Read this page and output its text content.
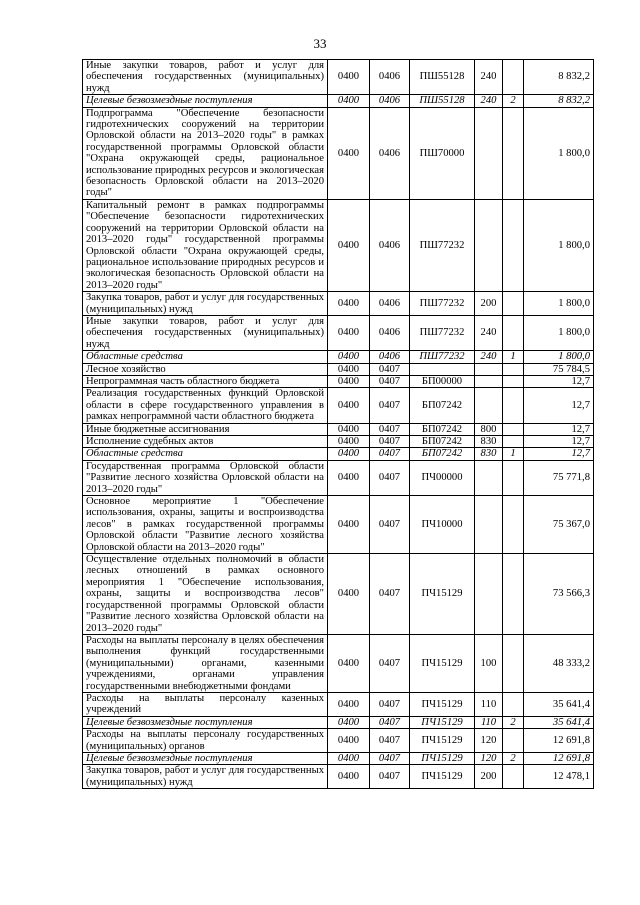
33
Иные закупки товаров, работ и услуг для обеспечения государственных (муниципальных) нужд	0400	0406	ПШ55128	240		8 832,2
Целевые безвозмездные поступления	0400	0406	ПШ55128	240	2	8 832,2
Подпрограмма "Обеспечение безопасности гидротехнических сооружений на территории Орловской области на 2013–2020 годы" в рамках государственной программы Орловской области "Охрана окружающей среды, рациональное использование природных ресурсов и экологическая безопасность Орловской области на 2013–2020 годы"	0400	0406	ПШ70000			1 800,0
Капитальный ремонт в рамках подпрограммы "Обеспечение безопасности гидротехнических сооружений на территории Орловской области на 2013–2020 годы" государственной программы Орловской области "Охрана окружающей среды, рациональное использование природных ресурсов и экологическая безопасность Орловской области на 2013–2020 годы"	0400	0406	ПШ77232			1 800,0
Закупка товаров, работ и услуг для государственных (муниципальных) нужд	0400	0406	ПШ77232	200		1 800,0
Иные закупки товаров, работ и услуг для обеспечения государственных (муниципальных) нужд	0400	0406	ПШ77232	240		1 800,0
Областные средства	0400	0406	ПШ77232	240	1	1 800,0
Лесное хозяйство	0400	0407				75 784,5
Непрограммная часть областного бюджета	0400	0407	БП00000			12,7
Реализация государственных функций Орловской области в сфере государственного управления в рамках непрограммной части областного бюджета	0400	0407	БП07242			12,7
Иные бюджетные ассигнования	0400	0407	БП07242	800		12,7
Исполнение судебных актов	0400	0407	БП07242	830		12,7
Областные средства	0400	0407	БП07242	830	1	12,7
Государственная программа Орловской области "Развитие лесного хозяйства Орловской области на 2013–2020 годы"	0400	0407	ПЧ00000			75 771,8
Основное мероприятие 1 "Обеспечение использования, охраны, защиты и воспроизводства лесов" в рамках государственной программы Орловской области "Развитие лесного хозяйства Орловской области на 2013–2020 годы"	0400	0407	ПЧ10000			75 367,0
Осуществление отдельных полномочий в области лесных отношений в рамках основного мероприятия 1 "Обеспечение использования, охраны, защиты и воспроизводства лесов" государственной программы Орловской области "Развитие лесного хозяйства Орловской области на 2013–2020 годы"	0400	0407	ПЧ15129			73 566,3
Расходы на выплаты персоналу в целях обеспечения выполнения функций государственными (муниципальными) органами, казенными учреждениями, органами управления государственными внебюджетными фондами	0400	0407	ПЧ15129	100		48 333,2
Расходы на выплаты персоналу казенных учреждений	0400	0407	ПЧ15129	110		35 641,4
Целевые безвозмездные поступления	0400	0407	ПЧ15129	110	2	35 641,4
Расходы на выплаты персоналу государственных (муниципальных) органов	0400	0407	ПЧ15129	120		12 691,8
Целевые безвозмездные поступления	0400	0407	ПЧ15129	120	2	12 691,8
Закупка товаров, работ и услуг для государственных (муниципальных) нужд	0400	0407	ПЧ15129	200		12 478,1
